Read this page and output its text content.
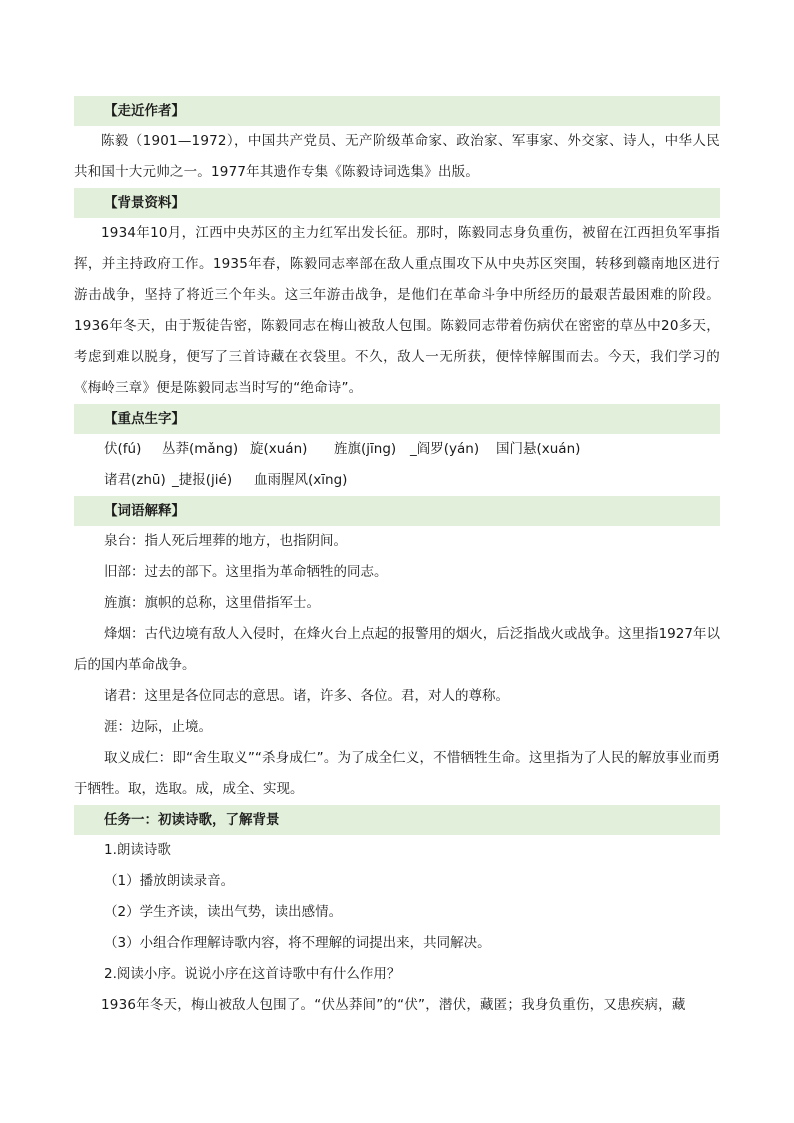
【走近作者】

陈毅（1901—1972），中国共产党员、无产阶级革命家、政治家、军事家、外交家、诗人，中华人民共和国十大元帅之一。1977年其遗作专集《陈毅诗词选集》出版。

【背景资料】

1934年10月，江西中央苏区的主力红军出发长征。那时，陈毅同志身负重伤，被留在江西担负军事指挥，并主持政府工作。1935年春，陈毅同志率部在敌人重点围攻下从中央苏区突围，转移到赣南地区进行游击战争，坚持了将近三个年头。这三年游击战争，是他们在革命斗争中所经历的最艰苦最困难的阶段。1936年冬天，由于叛徒告密，陈毅同志在梅山被敌人包围。陈毅同志带着伤病伏在密密的草丛中20多天，考虑到难以脱身，便写了三首诗藏在衣袋里。不久，敌人一无所获，便悻悻解围而去。今天，我们学习的《梅岭三章》便是陈毅同志当时写的“绝命诗”。

【重点生字】

伏(fú) 丛莽(mǎng) 旋(xuán) 旌旗(jīng) _阎罗(yán) 国门悬(xuán)

诸君(zhū) _捷报(jié) 血雨腥风(xīng)

【词语解释】

泉台：指人死后埋葬的地方，也指阴间。

旧部：过去的部下。这里指为革命牺牲的同志。

旌旗：旗帜的总称，这里借指军士。

烽烟：古代边境有敌人入侵时，在烽火台上点起的报警用的烟火，后泛指战火或战争。这里指1927年以后的国内革命战争。

诸君：这里是各位同志的意思。诸，许多、各位。君，对人的尊称。

涯：边际，止境。

取义成仁：即“舍生取义”“杀身成仁”。为了成全仁义，不惜牺牲生命。这里指为了人民的解放事业而勇于牺牲。取，选取。成，成全、实现。

任务一：初读诗歌，了解背景

1.朗读诗歌

（1）播放朗读录音。

（2）学生齐读，读出气势，读出感情。

（3）小组合作理解诗歌内容，将不理解的词提出来，共同解决。

2.阅读小序。说说小序在这首诗歌中有什么作用？

1936年冬天，梅山被敌人包围了。“伏丛莽间”的“伏”，潜伏，藏匿；我身负重伤，又患疾病，藏
